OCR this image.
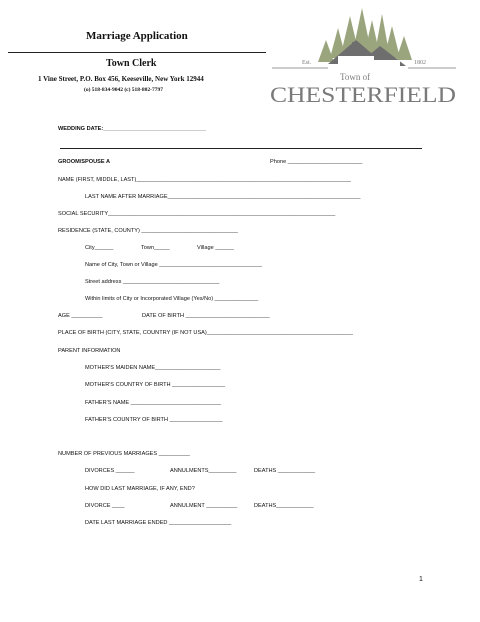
Marriage Application
Town Clerk
1 Vine Street, P.O. Box 456, Keeseville, New York 12944
(o) 518-834-9042 (c) 518-802-7797
Est.	1802
Town of
CHESTERFIELD
WEDDING DATE:_________________________________
GROOM/SPOUSE A	Phone ________________________
NAME (FIRST, MIDDLE, LAST)_____________________________________________________________________
LAST NAME AFTER MARRIAGE______________________________________________________________
SOCIAL SECURITY_________________________________________________________________________
RESIDENCE (STATE, COUNTY) _______________________________
City______	Town_____	Village ______
Name of City, Town or Village _________________________________
Street address _______________________________
Within limits of City or Incorporated Village (Yes/No) ______________
AGE __________	DATE OF BIRTH ___________________________
PLACE OF BIRTH (CITY, STATE, COUNTRY (IF NOT USA)_______________________________________________
PARENT INFORMATION
MOTHER'S MAIDEN NAME_____________________
MOTHER'S COUNTRY OF BIRTH _________________
FATHER'S NAME _____________________________
FATHER'S COUNTRY OF BIRTH _________________
NUMBER OF PREVIOUS MARRIAGES __________
DIVORCES ______	ANNULMENTS_________	DEATHS ____________
HOW DID LAST MARRIAGE, IF ANY, END?
DIVORCE ____	ANNULMENT __________	DEATHS____________
DATE LAST MARRIAGE ENDED ____________________
1
